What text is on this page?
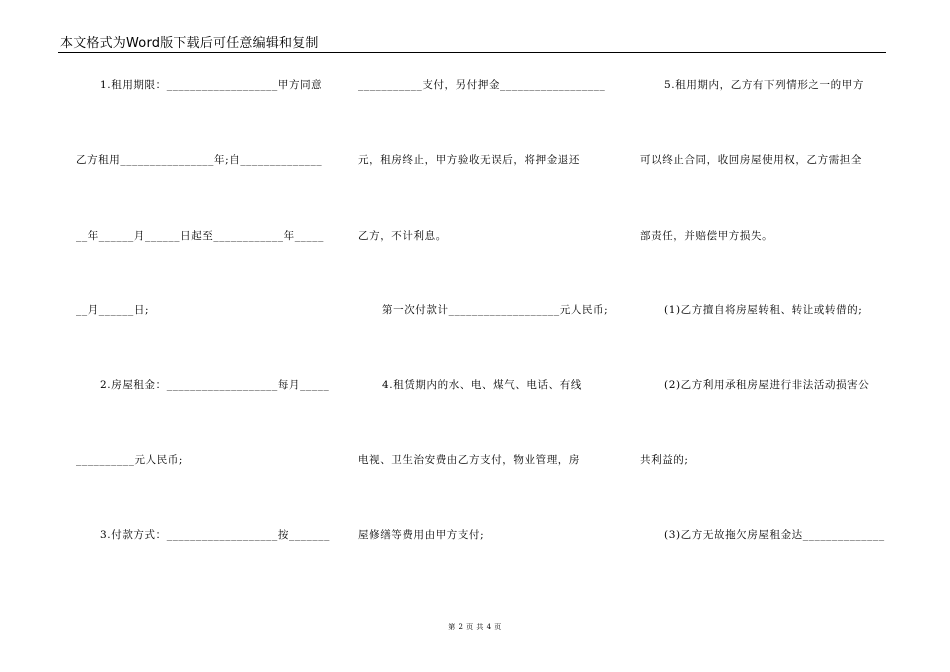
本文格式为Word版下载后可任意编辑和复制
1.租用期限：___________________甲方同意
乙方租用________________年;自______________
__年______月______日起至____________年_____
__月______日;
2.房屋租金：___________________每月_____
__________元人民币;
3.付款方式：___________________按_______
___________支付，另付押金__________________
元，租房终止，甲方验收无误后，将押金退还
乙方，不计利息。
第一次付款计___________________元人民币;
4.租赁期内的水、电、煤气、电话、有线
电视、卫生治安费由乙方支付，物业管理，房
屋修缮等费用由甲方支付;
5.租用期内，乙方有下列情形之一的甲方
可以终止合同，收回房屋使用权，乙方需担全
部责任，并赔偿甲方损失。
(1)乙方擅自将房屋转租、转让或转借的;
(2)乙方利用承租房屋进行非法活动损害公
共利益的;
(3)乙方无故拖欠房屋租金达______________
第 2 页 共 4 页
